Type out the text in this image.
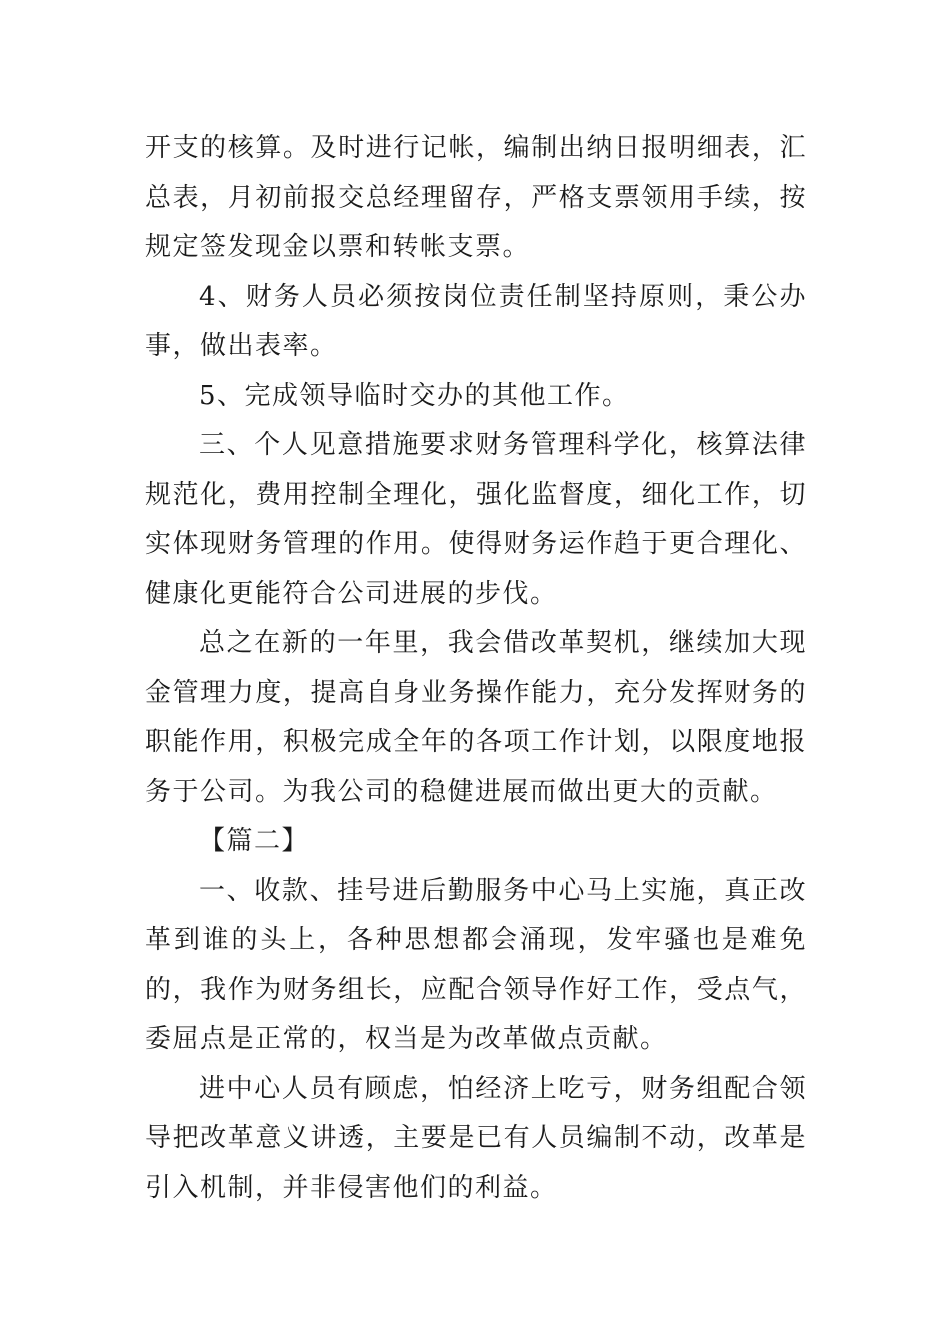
开支的核算。及时进行记帐，编制出纳日报明细表，汇总表，月初前报交总经理留存，严格支票领用手续，按规定签发现金以票和转帐支票。

4、财务人员必须按岗位责任制坚持原则，秉公办事，做出表率。

5、完成领导临时交办的其他工作。

三、个人见意措施要求财务管理科学化，核算法律规范化，费用控制全理化，强化监督度，细化工作，切实体现财务管理的作用。使得财务运作趋于更合理化、健康化更能符合公司进展的步伐。

总之在新的一年里，我会借改革契机，继续加大现金管理力度，提高自身业务操作能力，充分发挥财务的职能作用，积极完成全年的各项工作计划，以限度地报务于公司。为我公司的稳健进展而做出更大的贡献。

【篇二】

一、收款、挂号进后勤服务中心马上实施，真正改革到谁的头上，各种思想都会涌现，发牢骚也是难免的，我作为财务组长，应配合领导作好工作，受点气，委屈点是正常的，权当是为改革做点贡献。

进中心人员有顾虑，怕经济上吃亏，财务组配合领导把改革意义讲透，主要是已有人员编制不动，改革是引入机制，并非侵害他们的利益。
